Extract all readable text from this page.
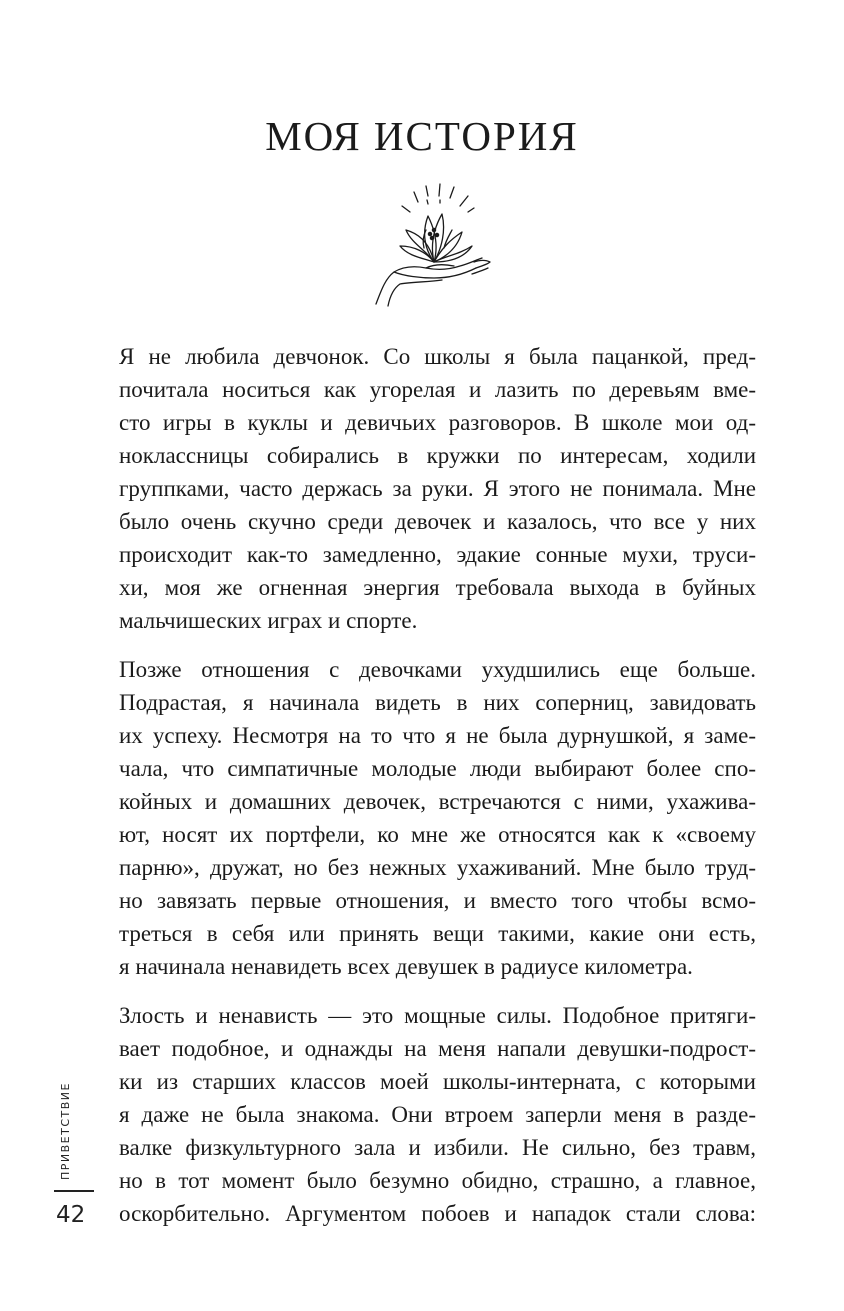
МОЯ ИСТОРИЯ
Я не любила девчонок. Со школы я была пацанкой, пред-
почитала носиться как угорелая и лазить по деревьям вме-
сто игры в куклы и девичьих разговоров. В школе мои од-
ноклассницы собирались в кружки по интересам, ходили
группками, часто держась за руки. Я этого не понимала. Мне
было очень скучно среди девочек и казалось, что все у них
происходит как-то замедленно, эдакие сонные мухи, труси-
хи, моя же огненная энергия требовала выхода в буйных
мальчишеских играх и спорте.
Позже отношения с девочками ухудшились еще больше.
Подрастая, я начинала видеть в них соперниц, завидовать
их успеху. Несмотря на то что я не была дурнушкой, я заме-
чала, что симпатичные молодые люди выбирают более спо-
койных и домашних девочек, встречаются с ними, ухажива-
ют, носят их портфели, ко мне же относятся как к «своему
парню», дружат, но без нежных ухаживаний. Мне было труд-
но завязать первые отношения, и вместо того чтобы всмо-
треться в себя или принять вещи такими, какие они есть,
я начинала ненавидеть всех девушек в радиусе километра.
Злость и ненависть — это мощные силы. Подобное притяги-
вает подобное, и однажды на меня напали девушки-подрост-
ки из старших классов моей школы-интерната, с которыми
я даже не была знакома. Они втроем заперли меня в разде-
валке физкультурного зала и избили. Не сильно, без травм,
но в тот момент было безумно обидно, страшно, а главное,
оскорбительно. Аргументом побоев и нападок стали слова:
ПРИВЕТСТВИЕ
42
